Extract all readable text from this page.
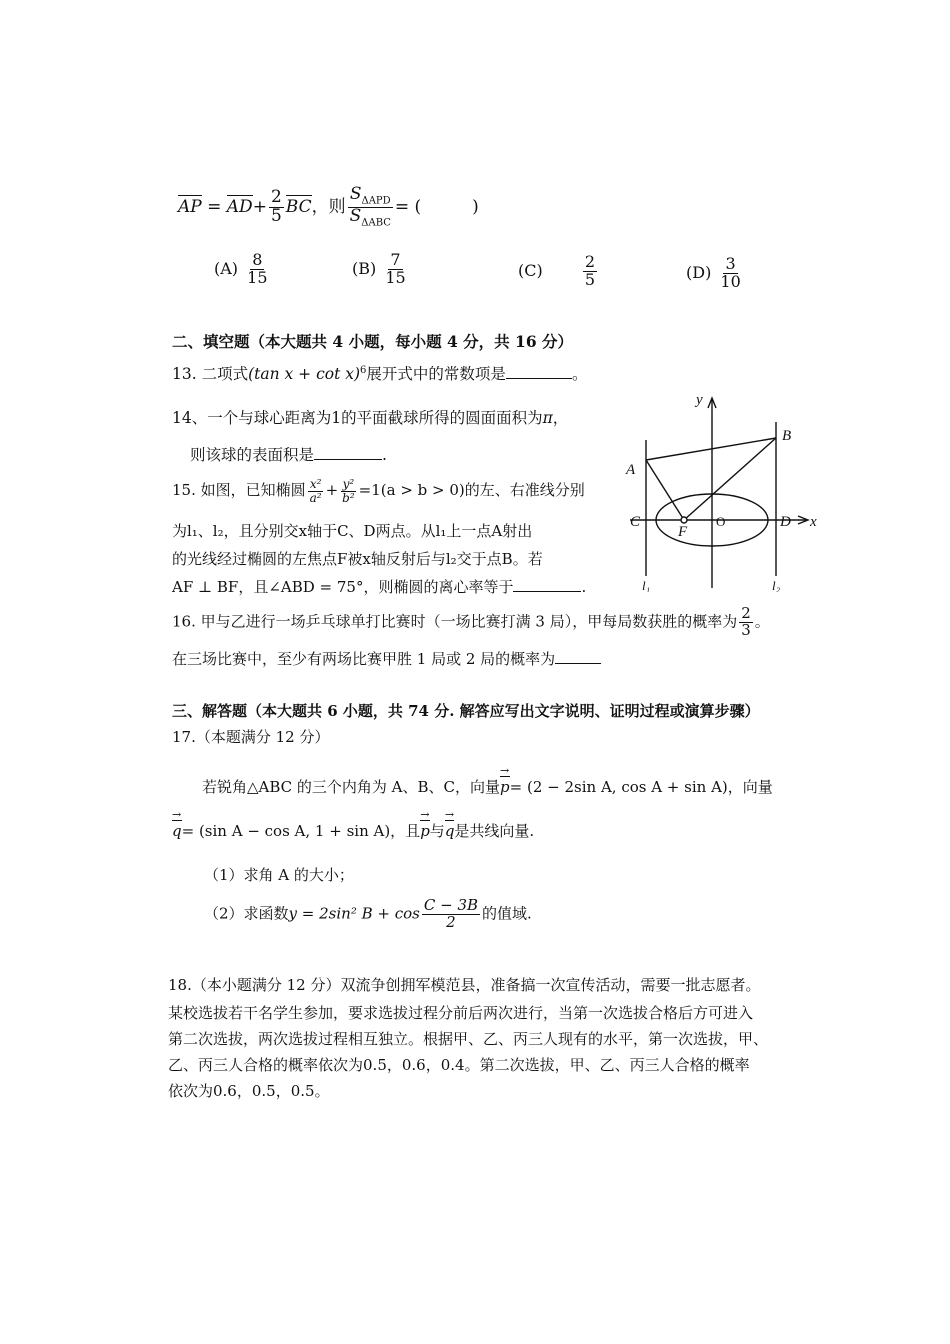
AP = $AD+ \frac{2}{5}$ BC，则 $\frac{S_{\Delta APD}}{S_{\Delta ABC}}$ = (　　　)
$(A) \frac{8}{15}$	$(B) \frac{7}{15}$	(C)	$\frac{2}{5}$	$(D) \frac{3}{10}$
二、填空题（本大题共 4 小题，每小题 4 分，共 16 分）
13. 二项式(tan x + cot x)$^6$展开式中的常数项是	。
14、一个与球心距离为1的平面截球所得的圆面面积为π，
则该球的表面积是	.
15. 如图，已知椭圆 $\frac{\text{x²}}{\text{a²}} + \frac{\text{y²}}{\text{b²}} =1(a > b > 0)$的左、右准线分别
为l₁、l₂，且分别交x轴于C、D两点。从l₁上一点A射出
的光线经过椭圆的左焦点F被x轴反射后与l₂交于点B。若
AF ⊥ BF，且∠ABD = 75°，则椭圆的离心率等于	.
y
x
A
B
C
F
O	D
l₁	l₂
16. 甲与乙进行一场乒乓球单打比赛时（一场比赛打满 3 局），甲每局数获胜的概率为 $\frac{2}{3}$ 。
在三场比赛中，至少有两场比赛甲胜 1 局或 2 局的概率为
三、解答题（本大题共 6 小题，共 74 分. 解答应写出文字说明、证明过程或演算步骤）
17.（本题满分 12 分）
若锐角△ABC 的三个内角为 A、B、C，向量p →= (2 − 2sin A, cos A + sin A)，向量
q →= (sin A − cos A, 1 + sin A)，且p →与q →是共线向量.
（1）求角 A 的大小；
（2）求函数y = 2sin² $B + \cos \frac{C - 3B}{2}$ 的值域.
18.（本小题满分 12 分）双流争创拥军模范县，准备搞一次宣传活动，需要一批志愿者。
某校选拔若干名学生参加，要求选拔过程分前后两次进行，当第一次选拔合格后方可进入
第二次选拔，两次选拔过程相互独立。根据甲、乙、丙三人现有的水平，第一次选拔，甲、
乙、丙三人合格的概率依次为0.5，0.6，0.4。第二次选拔，甲、乙、丙三人合格的概率
依次为0.6，0.5，0.5。
